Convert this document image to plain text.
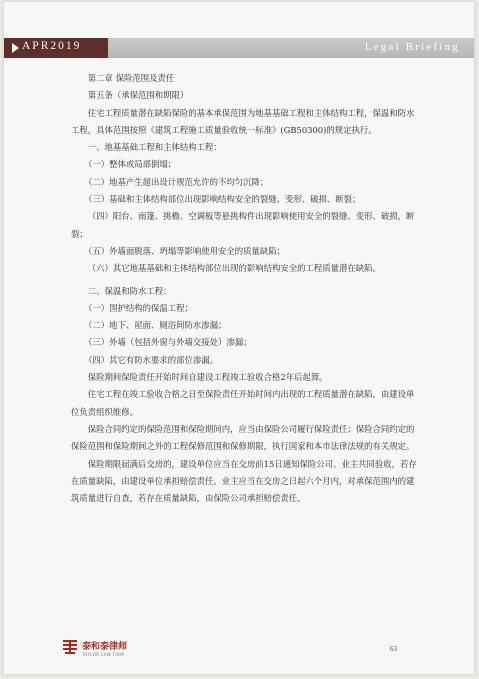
APR2019	Legal Briefing

第二章 保险范围及责任

第五条（承保范围和期限）

住宅工程质量潜在缺陷保险的基本承保范围为地基基础工程和主体结构工程，保温和防水工程，具体范围按照《建筑工程施工质量验收统一标准》(GB50300)的规定执行。

一、地基基础工程和主体结构工程：

（一）整体或局部倒塌；

（二）地基产生超出设计规范允许的不均匀沉降；

（三）基础和主体结构部位出现影响结构安全的裂缝、变形、破损、断裂；

（四）阳台、雨篷、挑檐、空调板等悬挑构件出现影响使用安全的裂缝、变形、破损，断裂；

（五）外墙面脱落、坍塌等影响使用安全的质量缺陷；

（六）其它地基基础和主体结构部位出现的影响结构安全的工程质量潜在缺陷。

二、保温和防水工程：

（一）围护结构的保温工程；

（二）地下、屋面、厕浴间防水渗漏；

（三）外墙（包括外窗与外墙交接处）渗漏；

（四）其它有防水要求的部位渗漏。

保险期间保险责任开始时间自建设工程竣工验收合格2年后起算。

住宅工程在竣工验收合格之日至保险责任开始时间内出现的工程质量潜在缺陷，由建设单位负责组织维修。

保险合同约定的保险范围和保险期间内，应当由保险公司履行保险责任；保险合同约定的保险范围和保险期间之外的工程保修范围和保修期限，执行国家和本市法律法规的有关规定。

保险期限届满后交房的，建设单位应当在交房前15日通知保险公司、业主共同验收，若存在质量缺陷，由建设单位承担赔偿责任。业主应当在交房之日起六个月内，对承保范围内的建筑质量进行自查，若存在质量缺陷，由保险公司承担赔偿责任。

泰和泰律师
TAYLOR LAW FIRM
63
